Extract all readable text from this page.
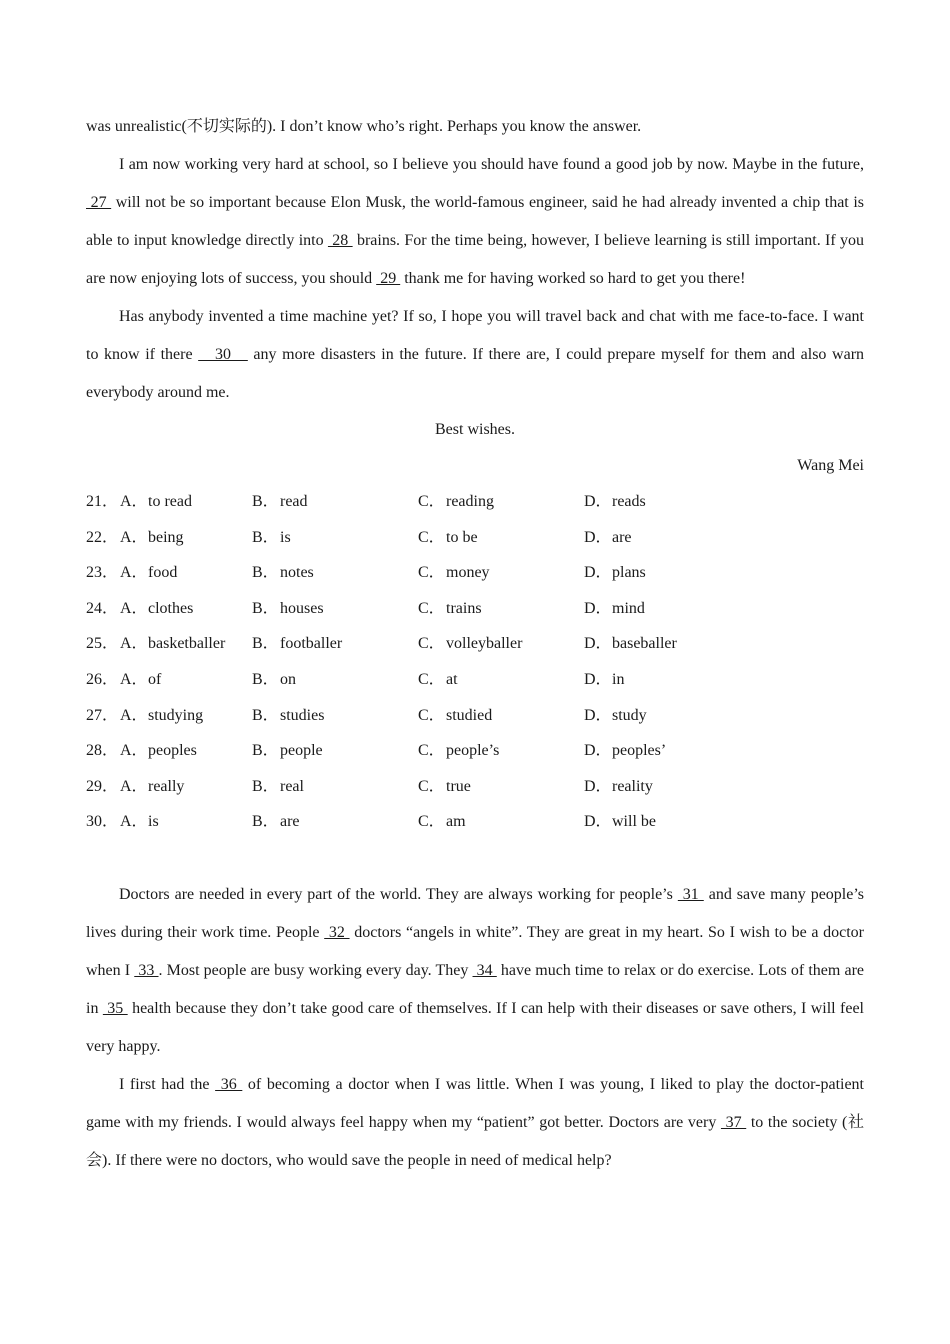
was unrealistic(不切实际的). I don’t know who’s right. Perhaps you know the answer.

I am now working very hard at school, so I believe you should have found a good job by now. Maybe in the future,  27  will not be so important because Elon Musk, the world-famous engineer, said he had already invented a chip that is able to input knowledge directly into  28  brains. For the time being, however, I believe learning is still important. If you are now enjoying lots of success, you should  29  thank me for having worked so hard to get you there!

Has anybody invented a time machine yet? If so, I hope you will travel back and chat with me face-to-face. I want to know if there    30    any more disasters in the future. If there are, I could prepare myself for them and also warn everybody around me.

Best wishes.

Wang Mei

21． A．to read	B．read	C．reading	D．reads
22． A．being	B．is	C．to be	D．are
23． A．food	B．notes	C．money	D．plans
24． A．clothes	B．houses	C．trains	D．mind
25． A．basketballer	B．footballer	C．volleyballer	D．baseballer
26． A．of	B．on	C．at	D．in
27． A．studying	B．studies	C．studied	D．study
28． A．peoples	B．people	C．people’s	D．peoples’
29． A．really	B．real	C．true	D．reality
30． A．is	B．are	C．am	D．will be

Doctors are needed in every part of the world. They are always working for people’s  31  and save many people’s lives during their work time. People  32  doctors “angels in white”. They are great in my heart. So I wish to be a doctor when I  33 . Most people are busy working every day. They  34  have much time to relax or do exercise. Lots of them are in  35  health because they don’t take good care of themselves. If I can help with their diseases or save others, I will feel very happy.

I first had the  36  of becoming a doctor when I was little. When I was young, I liked to play the doctor-patient game with my friends. I would always feel happy when my “patient” got better. Doctors are very  37  to the society (社会). If there were no doctors, who would save the people in need of medical help?
